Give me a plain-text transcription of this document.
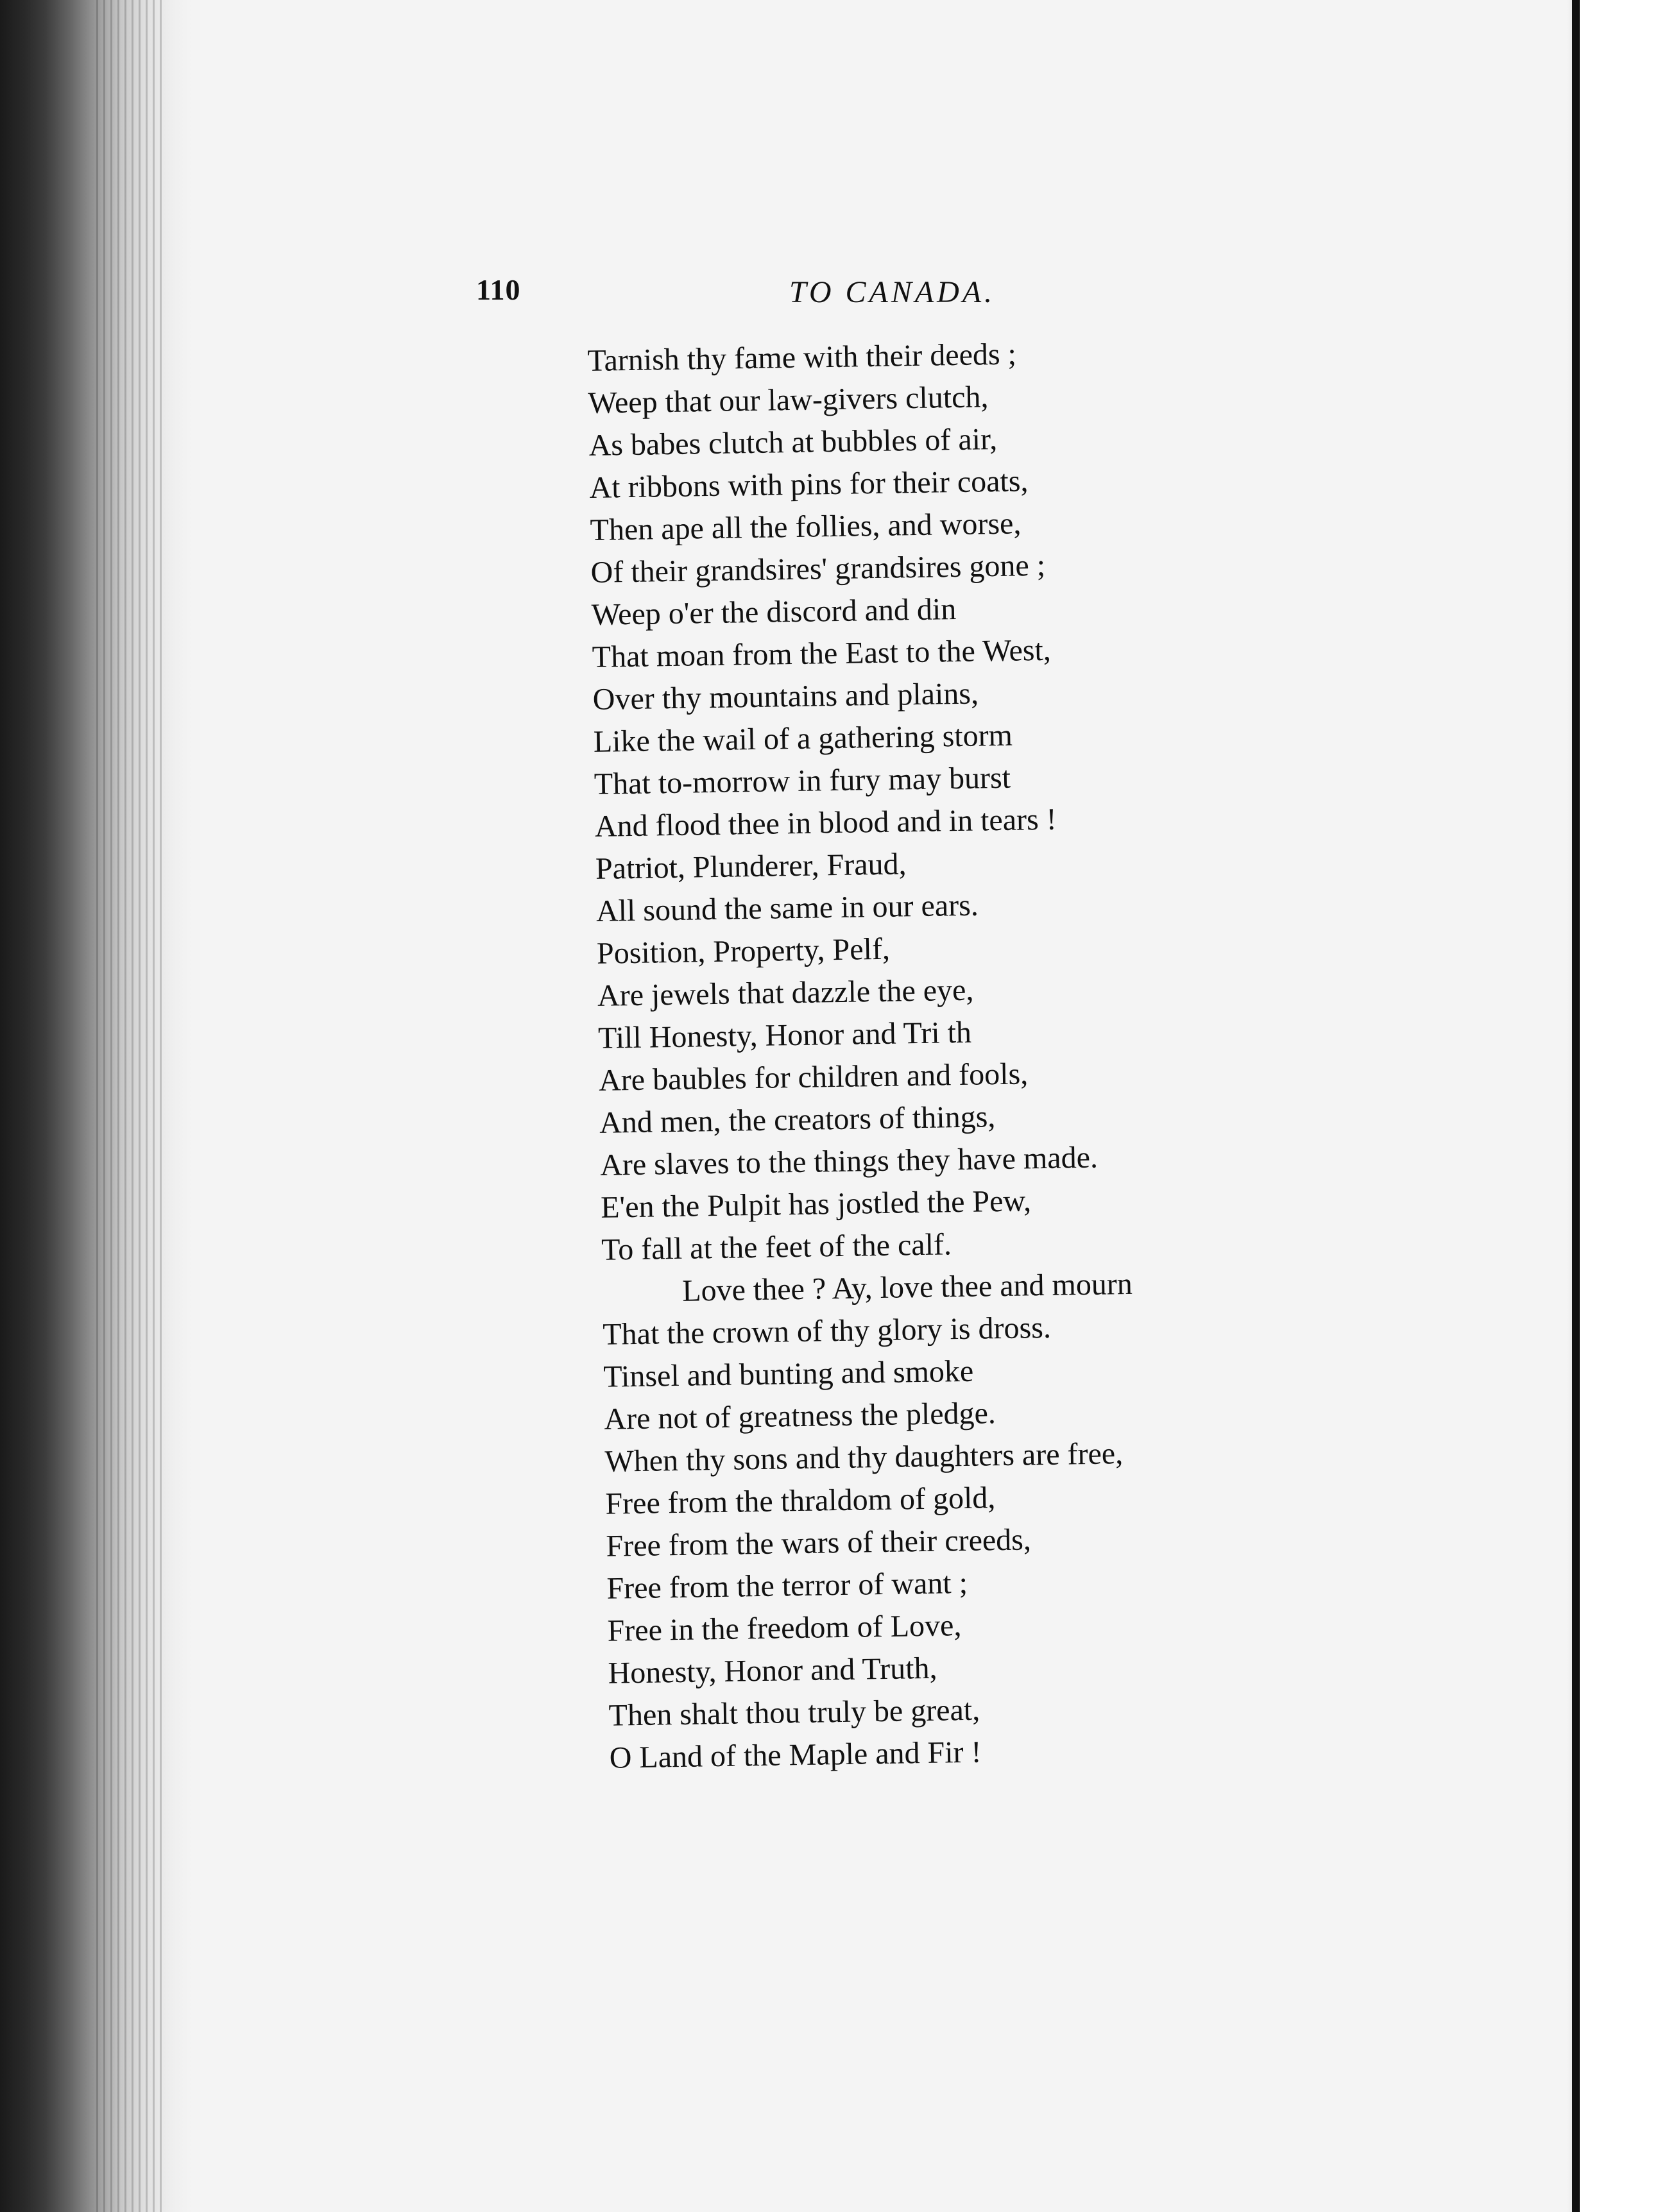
110	TO CANADA.
Tarnish thy fame with their deeds ;
Weep that our law-givers clutch,
As babes clutch at bubbles of air,
At ribbons with pins for their coats,
Then ape all the follies, and worse,
Of their grandsires' grandsires gone ;
Weep o'er the discord and din
That moan from the East to the West,
Over thy mountains and plains,
Like the wail of a gathering storm
That to-morrow in fury may burst
And flood thee in blood and in tears !
Patriot, Plunderer, Fraud,
All sound the same in our ears.
Position, Property, Pelf,
Are jewels that dazzle the eye,
Till Honesty, Honor and Tri th
Are baubles for children and fools,
And men, the creators of things,
Are slaves to the things they have made.
E'en the Pulpit has jostled the Pew,
To fall at the feet of the calf.
Love thee ? Ay, love thee and mourn
That the crown of thy glory is dross.
Tinsel and bunting and smoke
Are not of greatness the pledge.
When thy sons and thy daughters are free,
Free from the thraldom of gold,
Free from the wars of their creeds,
Free from the terror of want ;
Free in the freedom of Love,
Honesty, Honor and Truth,
Then shalt thou truly be great,
O Land of the Maple and Fir !
